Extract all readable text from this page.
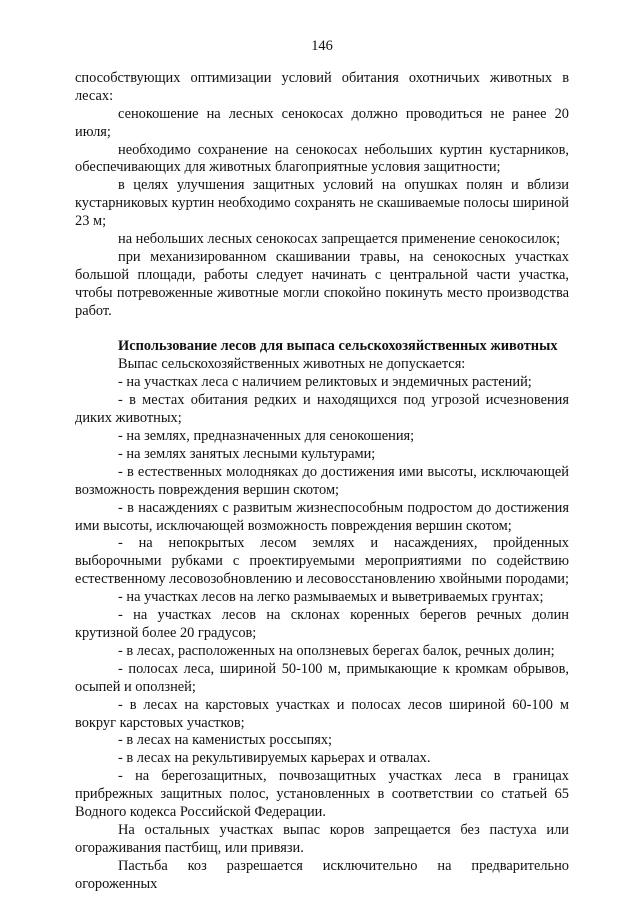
146

способствующих оптимизации условий обитания охотничьих животных в лесах:

сенокошение на лесных сенокосах должно проводиться не ранее 20 июля;

необходимо сохранение на сенокосах небольших куртин кустарников, обеспечивающих для животных благоприятные условия защитности;

в целях улучшения защитных условий на опушках полян и вблизи кустарниковых куртин необходимо сохранять не скашиваемые полосы шириной 23 м;

на небольших лесных сенокосах запрещается применение сенокосилок;

при механизированном скашивании травы, на сенокосных участках большой площади, работы следует начинать с центральной части участка, чтобы потревоженные животные могли спокойно покинуть место производства работ.

Использование лесов для выпаса сельскохозяйственных животных

Выпас сельскохозяйственных животных не допускается:

- на участках леса с наличием реликтовых и эндемичных растений;

- в местах обитания редких и находящихся под угрозой исчезновения диких животных;

- на землях, предназначенных для сенокошения;

- на землях занятых лесными культурами;

- в естественных молодняках до достижения ими высоты, исключающей возможность повреждения вершин скотом;

- в насаждениях с развитым жизнеспособным подростом до достижения ими высоты, исключающей возможность повреждения вершин скотом;

- на непокрытых лесом землях и насаждениях, пройденных выборочными рубками с проектируемыми мероприятиями по содействию естественному лесовозобновлению и лесовосстановлению хвойными породами;

- на участках лесов на легко размываемых и выветриваемых грунтах;

- на участках лесов на склонах коренных берегов речных долин крутизной более 20 градусов;

- в лесах, расположенных на оползневых берегах балок, речных долин;

- полосах леса, шириной 50-100 м, примыкающие к кромкам обрывов, осыпей и оползней;

- в лесах на карстовых участках и полосах лесов шириной 60-100 м вокруг карстовых участков;

- в лесах на каменистых россыпях;

- в лесах на рекультивируемых карьерах и отвалах.

- на берегозащитных, почвозащитных участках леса в границах прибрежных защитных полос, установленных в соответствии со статьей 65 Водного кодекса Российской Федерации.

На остальных участках выпас коров запрещается без пастуха или огораживания пастбищ, или привязи.

Пастьба коз разрешается исключительно на предварительно огороженных
